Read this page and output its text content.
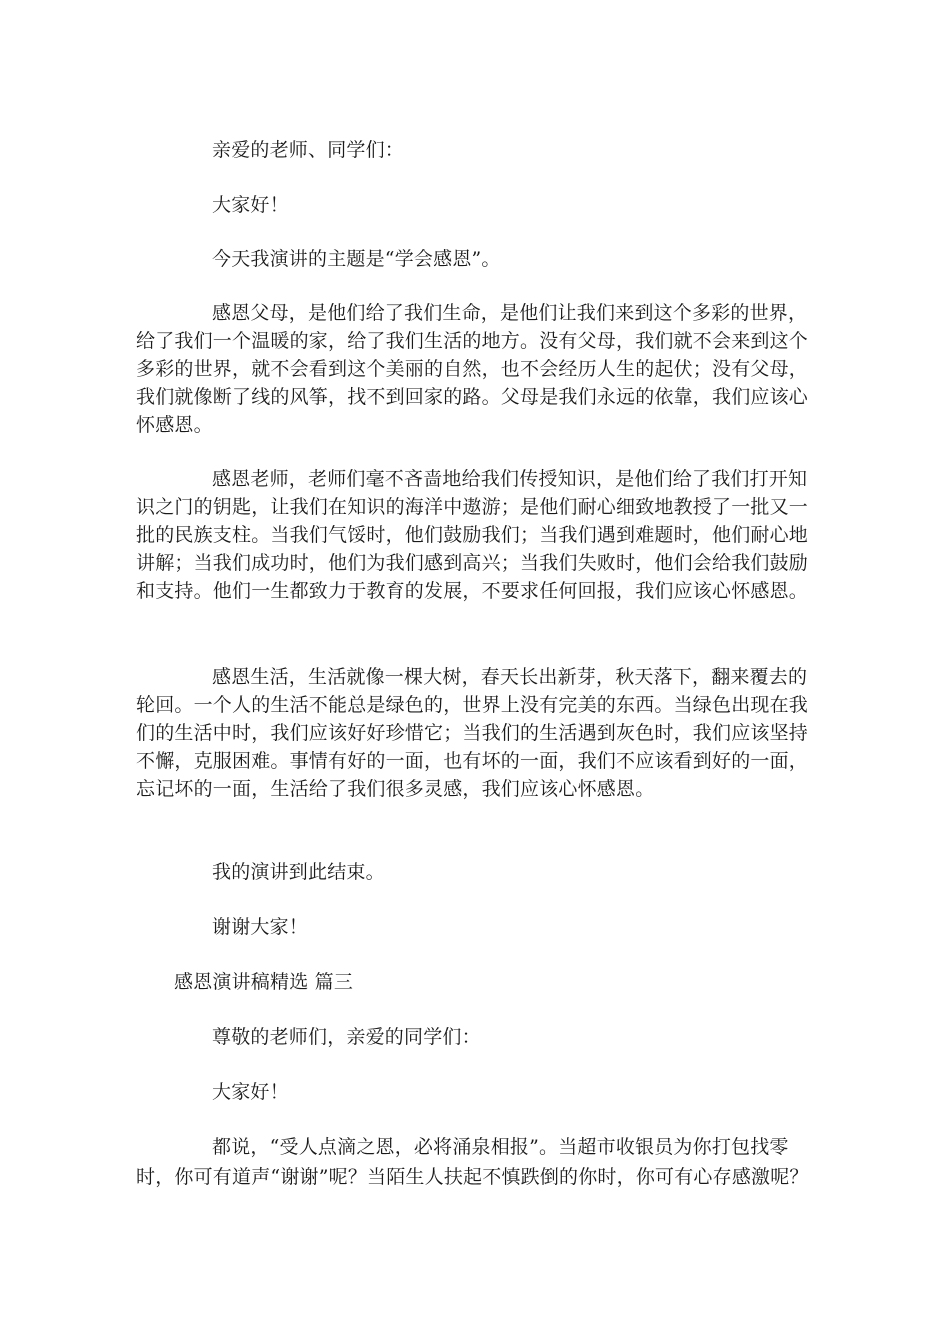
亲爱的老师、同学们：
大家好！
今天我演讲的主题是“学会感恩”。
感恩父母，是他们给了我们生命，是他们让我们来到这个多彩的世界，
给了我们一个温暖的家，给了我们生活的地方。没有父母，我们就不会来到这个
多彩的世界，就不会看到这个美丽的自然，也不会经历人生的起伏；没有父母，
我们就像断了线的风筝，找不到回家的路。父母是我们永远的依靠，我们应该心
怀感恩。
感恩老师，老师们毫不吝啬地给我们传授知识，是他们给了我们打开知
识之门的钥匙，让我们在知识的海洋中遨游；是他们耐心细致地教授了一批又一
批的民族支柱。当我们气馁时，他们鼓励我们；当我们遇到难题时，他们耐心地
讲解；当我们成功时，他们为我们感到高兴；当我们失败时，他们会给我们鼓励
和支持。他们一生都致力于教育的发展，不要求任何回报，我们应该心怀感恩。
感恩生活，生活就像一棵大树，春天长出新芽，秋天落下，翻来覆去的
轮回。一个人的生活不能总是绿色的，世界上没有完美的东西。当绿色出现在我
们的生活中时，我们应该好好珍惜它；当我们的生活遇到灰色时，我们应该坚持
不懈，克服困难。事情有好的一面，也有坏的一面，我们不应该看到好的一面，
忘记坏的一面，生活给了我们很多灵感，我们应该心怀感恩。
我的演讲到此结束。
谢谢大家！
感恩演讲稿精选 篇三
尊敬的老师们，亲爱的同学们：
大家好！
都说，“受人点滴之恩，必将涌泉相报”。当超市收银员为你打包找零
时，你可有道声“谢谢”呢？当陌生人扶起不慎跌倒的你时，你可有心存感激呢？
